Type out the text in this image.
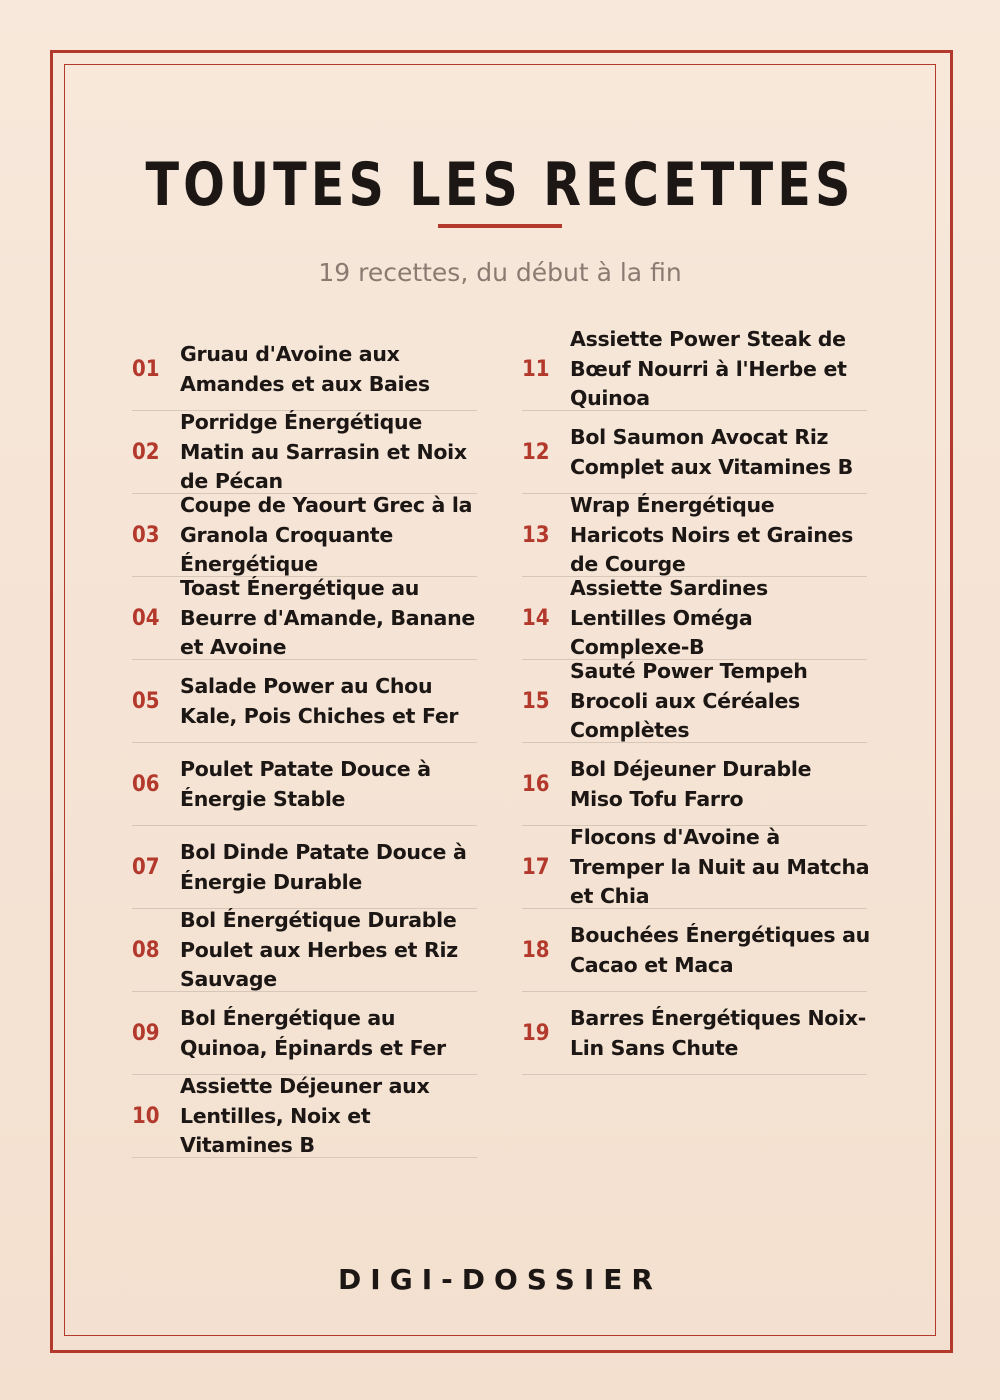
TOUTES LES RECETTES
19 recettes, du début à la fin
01
Gruau d'Avoine aux Amandes et aux Baies
02
Porridge Énergétique Matin au Sarrasin et Noix de Pécan
03
Coupe de Yaourt Grec à la Granola Croquante Énergétique
04
Toast Énergétique au Beurre d'Amande, Banane et Avoine
05
Salade Power au Chou Kale, Pois Chiches et Fer
06
Poulet Patate Douce à Énergie Stable
07
Bol Dinde Patate Douce à Énergie Durable
08
Bol Énergétique Durable Poulet aux Herbes et Riz Sauvage
09
Bol Énergétique au Quinoa, Épinards et Fer
10
Assiette Déjeuner aux Lentilles, Noix et Vitamines B
11
Assiette Power Steak de Bœuf Nourri à l'Herbe et Quinoa
12
Bol Saumon Avocat Riz Complet aux Vitamines B
13
Wrap Énergétique Haricots Noirs et Graines de Courge
14
Assiette Sardines Lentilles Oméga Complexe-B
15
Sauté Power Tempeh Brocoli aux Céréales Complètes
16
Bol Déjeuner Durable Miso Tofu Farro
17
Flocons d'Avoine à Tremper la Nuit au Matcha et Chia
18
Bouchées Énergétiques au Cacao et Maca
19
Barres Énergétiques Noix-Lin Sans Chute
DIGI-DOSSIER
